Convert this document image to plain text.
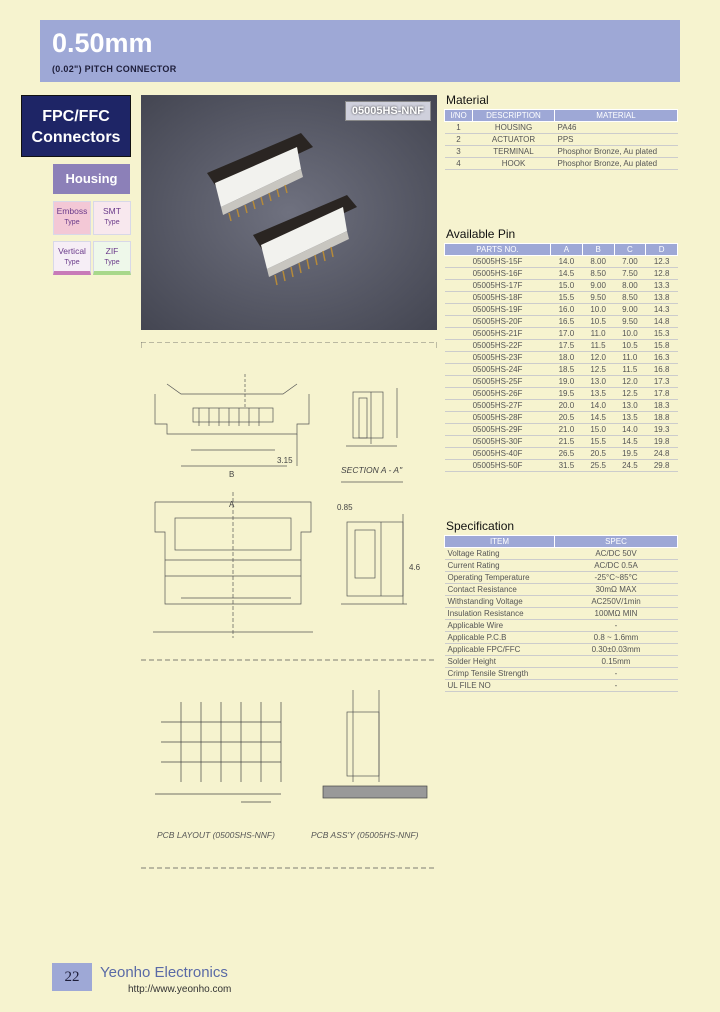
0.50mm
(0.02") PITCH CONNECTOR
FPC/FFC
Connectors
Housing
Emboss
Type
SMT
Type
Vertical
Type
ZIF
Type
05005HS-NNF
3.15
A
B	SECTION A - A"
0.85
4.6
PCB LAYOUT (0500SHS-NNF)	PCB ASS'Y (05005HS-NNF)
Material
I/NO	DESCRIPTION	MATERIAL
1	HOUSING	PA46
2	ACTUATOR	PPS
3	TERMINAL	Phosphor Bronze, Au plated
4	HOOK	Phosphor Bronze, Au plated
Available Pin
PARTS NO.	A	B	C	D
05005HS-15F	14.0	8.00	7.00	12.3
05005HS-16F	14.5	8.50	7.50	12.8
05005HS-17F	15.0	9.00	8.00	13.3
05005HS-18F	15.5	9.50	8.50	13.8
05005HS-19F	16.0	10.0	9.00	14.3
05005HS-20F	16.5	10.5	9.50	14.8
05005HS-21F	17.0	11.0	10.0	15.3
05005HS-22F	17.5	11.5	10.5	15.8
05005HS-23F	18.0	12.0	11.0	16.3
05005HS-24F	18.5	12.5	11.5	16.8
05005HS-25F	19.0	13.0	12.0	17.3
05005HS-26F	19.5	13.5	12.5	17.8
05005HS-27F	20.0	14.0	13.0	18.3
05005HS-28F	20.5	14.5	13.5	18.8
05005HS-29F	21.0	15.0	14.0	19.3
05005HS-30F	21.5	15.5	14.5	19.8
05005HS-40F	26.5	20.5	19.5	24.8
05005HS-50F	31.5	25.5	24.5	29.8
Specification
ITEM	SPEC
Voltage Rating	AC/DC 50V
Current Rating	AC/DC 0.5A
Operating Temperature	-25°C~85°C
Contact Resistance	30mΩ MAX
Withstanding Voltage	AC250V/1min
Insulation Resistance	100MΩ MIN
Applicable Wire	-
Applicable P.C.B	0.8 ~ 1.6mm
Applicable FPC/FFC	0.30±0.03mm
Solder Height	0.15mm
Crimp Tensile Strength	-
UL FILE NO	-
22	Yeonho Electronics
http://www.yeonho.com
